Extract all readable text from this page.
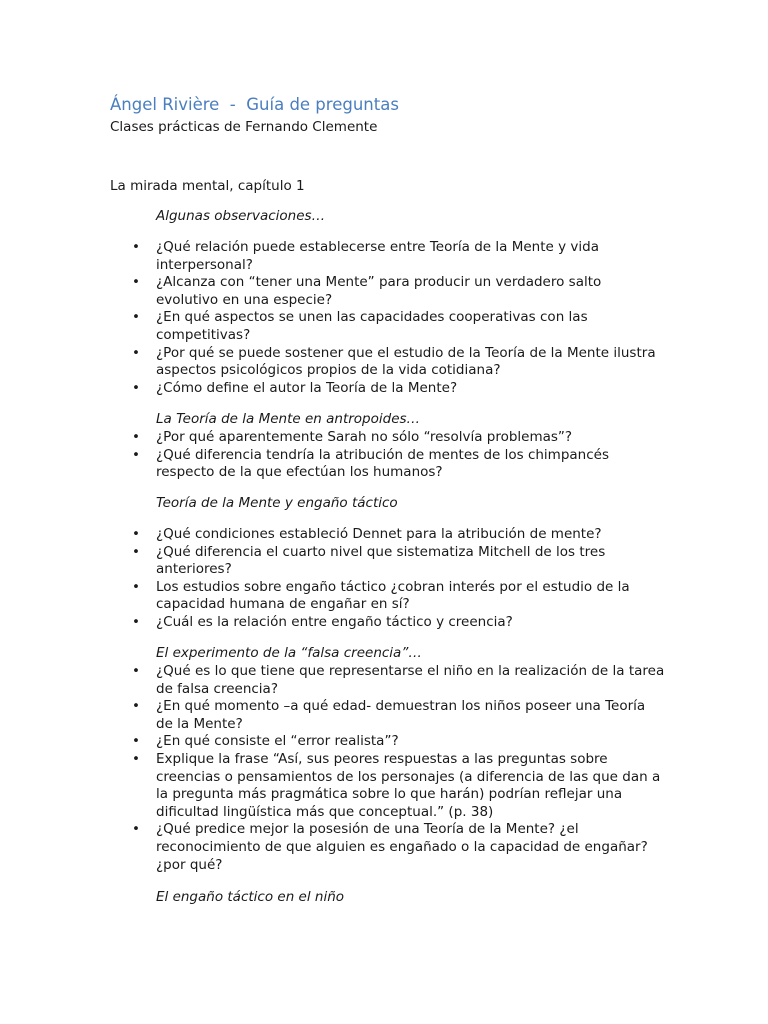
Ángel Rivière  -  Guía de preguntas
Clases prácticas de Fernando Clemente
La mirada mental, capítulo 1
Algunas observaciones…
• ¿Qué relación puede establecerse entre Teoría de la Mente y vida interpersonal?
• ¿Alcanza con “tener una Mente” para producir un verdadero salto evolutivo en una especie?
• ¿En qué aspectos se unen las capacidades cooperativas con las competitivas?
• ¿Por qué se puede sostener que el estudio de la Teoría de la Mente ilustra aspectos psicológicos propios de la vida cotidiana?
• ¿Cómo define el autor la Teoría de la Mente?
La Teoría de la Mente en antropoides…
• ¿Por qué aparentemente Sarah no sólo “resolvía problemas”?
• ¿Qué diferencia tendría la atribución de mentes de los chimpancés respecto de la que efectúan los humanos?
Teoría de la Mente y engaño táctico
• ¿Qué condiciones estableció Dennet para la atribución de mente?
• ¿Qué diferencia el cuarto nivel que sistematiza Mitchell de los tres anteriores?
• Los estudios sobre engaño táctico ¿cobran interés por el estudio de la capacidad humana de engañar en sí?
• ¿Cuál es la relación entre engaño táctico y creencia?
El experimento de la “falsa creencia”…
• ¿Qué es lo que tiene que representarse el niño en la realización de la tarea de falsa creencia?
• ¿En qué momento –a qué edad- demuestran los niños poseer una Teoría de la Mente?
• ¿En qué consiste el “error realista”?
• Explique la frase “Así, sus peores respuestas a las preguntas sobre creencias o pensamientos de los personajes (a diferencia de las que dan a la pregunta más pragmática sobre lo que harán) podrían reflejar una dificultad lingüística más que conceptual.” (p. 38)
• ¿Qué predice mejor la posesión de una Teoría de la Mente? ¿el reconocimiento de que alguien es engañado o la capacidad de engañar? ¿por qué?
El engaño táctico en el niño
